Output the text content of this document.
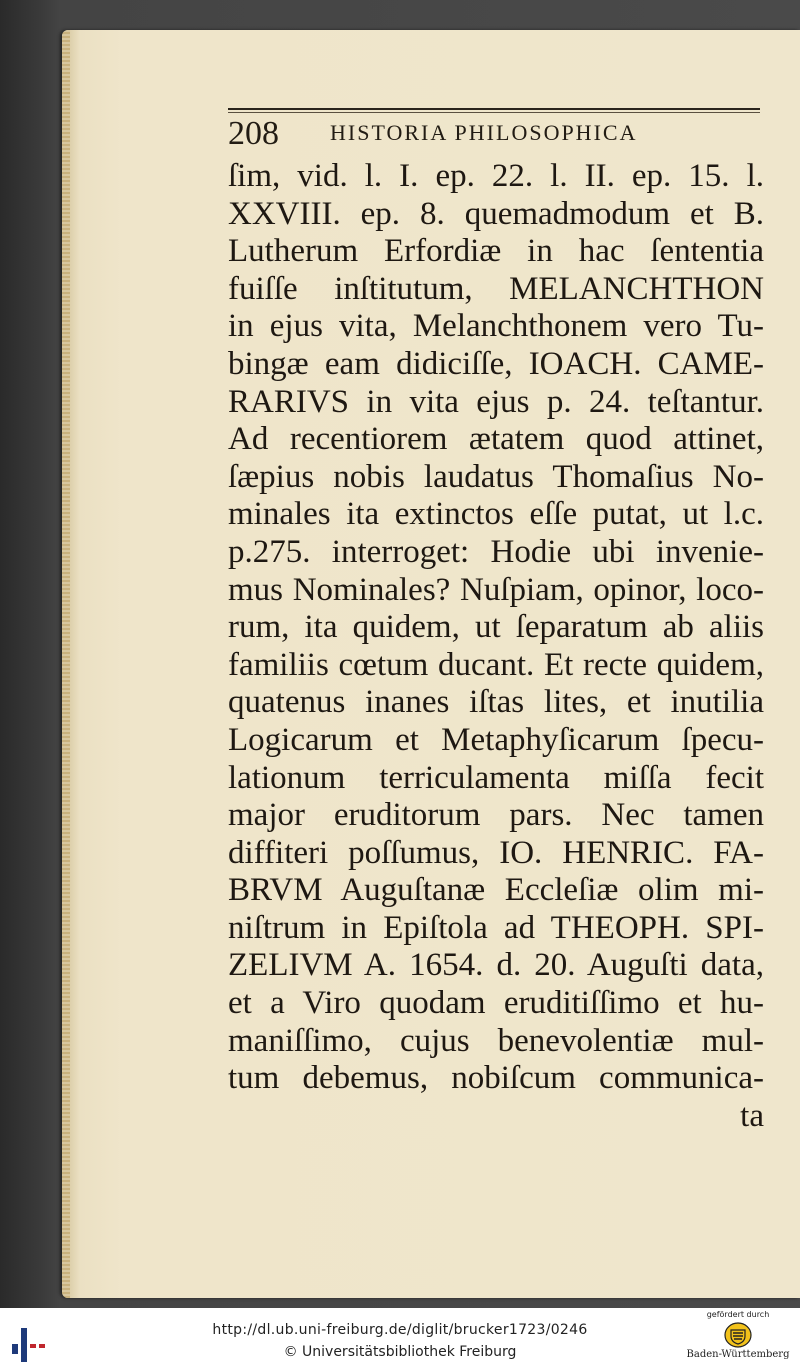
208 HISTORIA PHILOSOPHICA
ſim, vid. l. I. ep. 22. l. II. ep. 15. l.
XXVIII. ep. 8. quemadmodum et B.
Lutherum Erfordiæ in hac ſententia
fuiſſe inſtitutum, MELANCHTHON
in ejus vita, Melanchthonem vero Tu-
bingæ eam didiciſſe, IOACH. CAME-
RARIVS in vita ejus p. 24. teſtantur.
Ad recentiorem ætatem quod attinet,
ſæpius nobis laudatus Thomaſius No-
minales ita extinctos eſſe putat, ut l.c.
p.275. interroget: Hodie ubi invenie-
mus Nominales? Nuſpiam, opinor, loco-
rum, ita quidem, ut ſeparatum ab aliis
familiis cœtum ducant. Et recte quidem,
quatenus inanes iſtas lites, et inutilia
Logicarum et Metaphyſicarum ſpecu-
lationum terriculamenta miſſa fecit
major eruditorum pars. Nec tamen
diffiteri poſſumus, IO. HENRIC. FA-
BRVM Auguſtanæ Eccleſiæ olim mi-
niſtrum in Epiſtola ad THEOPH. SPI-
ZELIVM A. 1654. d. 20. Auguſti data,
et a Viro quodam eruditiſſimo et hu-
maniſſimo, cujus benevolentiæ mul-
tum debemus, nobiſcum communica-
ta
http://dl.ub.uni-freiburg.de/diglit/brucker1723/0246
© Universitätsbibliothek Freiburg
gefördert durch
Baden-Württemberg
